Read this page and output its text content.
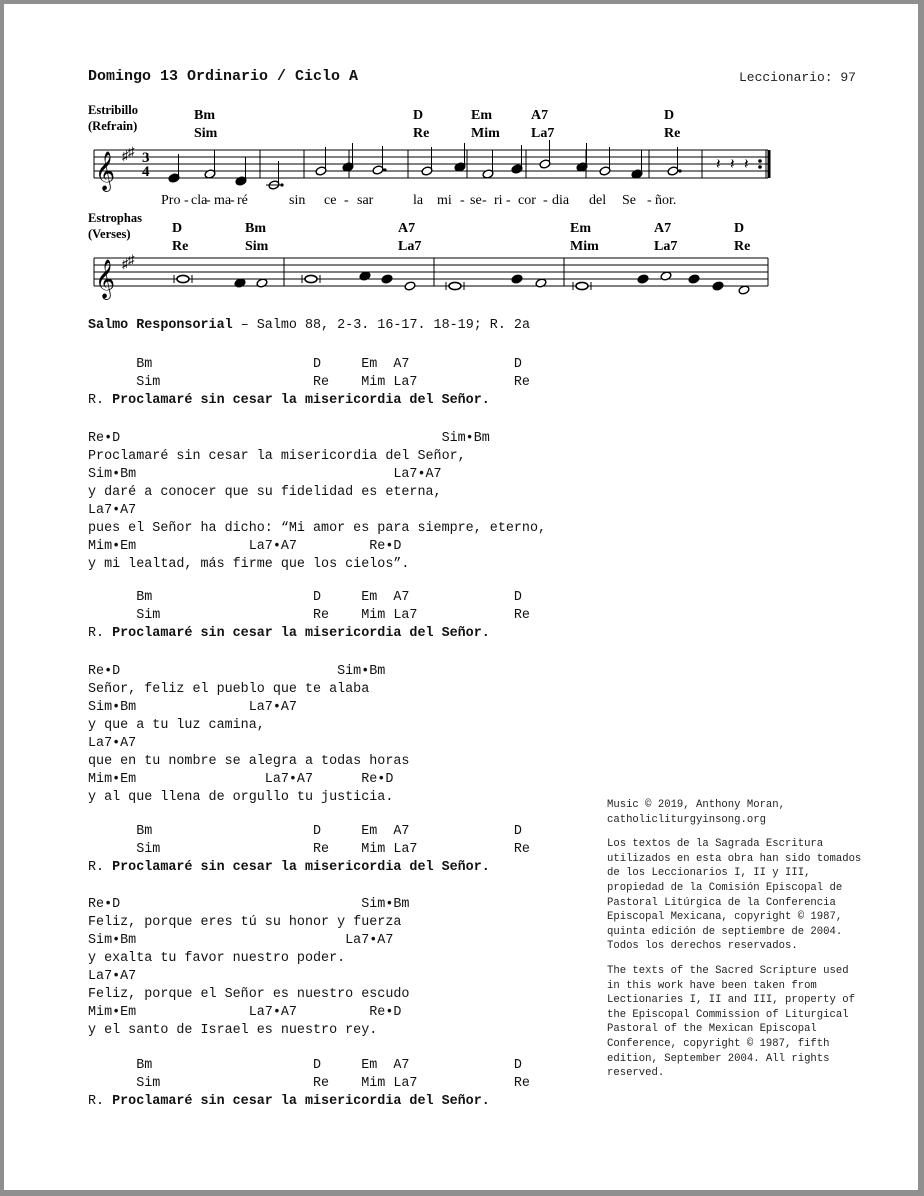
Domingo 13 Ordinario / Ciclo A	Leccionario: 97
Estribillo
(Refrain)
Estrophas
(Verses)
Bm
Sim
D
Re
Em
Mim
A7
La7
D
Re
𝄞 ♯ ♯ 3
4	𝄽 𝄽 𝄽
Pro - cla
- ma
- ré	sin ce - sar	la mi - se - ri - cor - dia del Se - ñor.
D
Re
Bm
Sim
A7
La7
Em
Mim
A7
La7
D
Re
𝄞 ♯ ♯
Salmo Responsorial – Salmo 88, 2-3. 16-17. 18-19; R. 2a
Bm                    D     Em  A7             D
Sim                   Re    Mim La7            Re
R. Proclamaré sin cesar la misericordia del Señor.
Bm                    D     Em  A7             D
Sim                   Re    Mim La7            Re
R. Proclamaré sin cesar la misericordia del Señor.
Bm                    D     Em  A7             D
Sim                   Re    Mim La7            Re
R. Proclamaré sin cesar la misericordia del Señor.
Bm                    D     Em  A7             D
Sim                   Re    Mim La7            Re
R. Proclamaré sin cesar la misericordia del Señor.
Re•D                                        Sim•Bm
Proclamaré sin cesar la misericordia del Señor,
Sim•Bm                                La7•A7
y daré a conocer que su fidelidad es eterna,
La7•A7
pues el Señor ha dicho: “Mi amor es para siempre, eterno,
Mim•Em              La7•A7         Re•D
y mi lealtad, más firme que los cielos”.
Re•D                           Sim•Bm
Señor, feliz el pueblo que te alaba
Sim•Bm              La7•A7
y que a tu luz camina,
La7•A7
que en tu nombre se alegra a todas horas
Mim•Em                La7•A7      Re•D
y al que llena de orgullo tu justicia.
Re•D                              Sim•Bm
Feliz, porque eres tú su honor y fuerza
Sim•Bm                          La7•A7
y exalta tu favor nuestro poder.
La7•A7
Feliz, porque el Señor es nuestro escudo
Mim•Em              La7•A7         Re•D
y el santo de Israel es nuestro rey.

Music © 2019, Anthony Moran, catholicliturgyinsong.org

Los textos de la Sagrada Escritura utilizados en esta obra han sido tomados de los Leccionarios I, II y III, propiedad de la Comisión Episcopal de Pastoral Litúrgica de la Conferencia Episcopal Mexicana, copyright © 1987, quinta edición de septiembre de 2004. Todos los derechos reservados.

The texts of the Sacred Scripture used in this work have been taken from Lectionaries I, II and III, property of the Episcopal Commission of Liturgical Pastoral of the Mexican Episcopal Conference, copyright © 1987, fifth edition, September 2004. All rights reserved.
